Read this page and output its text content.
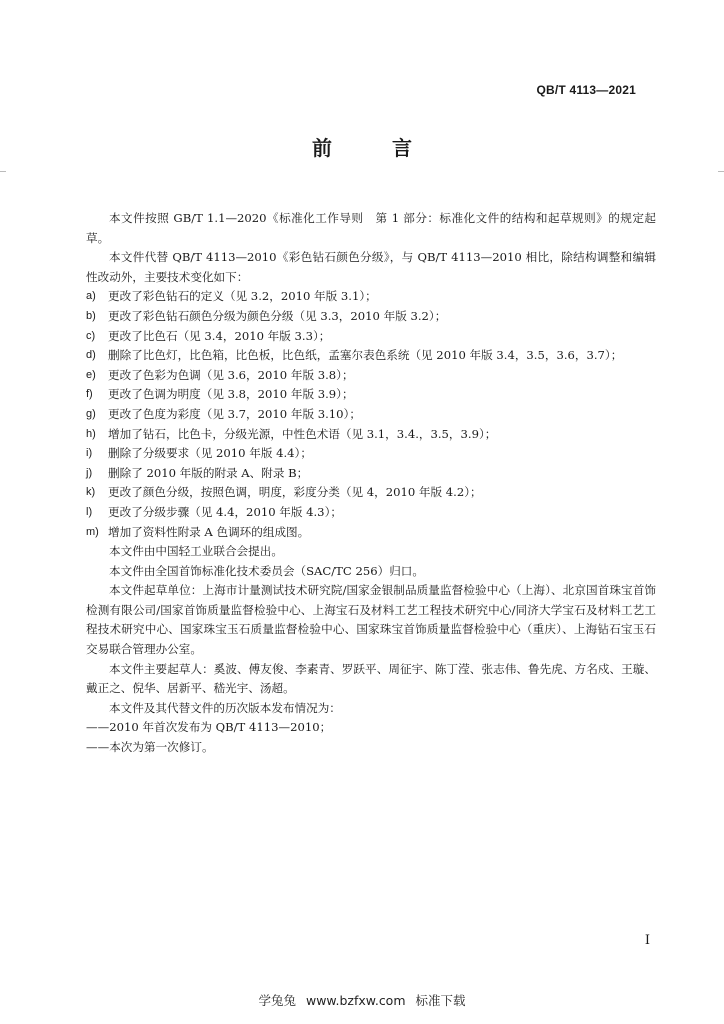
QB/T 4113—2021
前　言

本文件按照 GB/T 1.1—2020《标准化工作导则　第 1 部分：标准化文件的结构和起草规则》的规定起草。

本文件代替 QB/T 4113—2010《彩色钻石颜色分级》，与 QB/T 4113—2010 相比，除结构调整和编辑性改动外，主要技术变化如下：

a)	更改了彩色钻石的定义（见 3.2，2010 年版 3.1）；
b)	更改了彩色钻石颜色分级为颜色分级（见 3.3，2010 年版 3.2）；
c)	更改了比色石（见 3.4，2010 年版 3.3）；
d)	删除了比色灯，比色箱，比色板，比色纸，孟塞尔表色系统（见 2010 年版 3.4，3.5，3.6，3.7）；
e)	更改了色彩为色调（见 3.6，2010 年版 3.8）；
f)	更改了色调为明度（见 3.8，2010 年版 3.9）；
g)	更改了色度为彩度（见 3.7，2010 年版 3.10）；
h)	增加了钻石，比色卡，分级光源，中性色术语（见 3.1，3.4.，3.5，3.9）；
i)	删除了分级要求（见 2010 年版 4.4）；
j)	删除了 2010 年版的附录 A、附录 B；
k)	更改了颜色分级，按照色调，明度，彩度分类（见 4，2010 年版 4.2）；
l)	更改了分级步骤（见 4.4，2010 年版 4.3）；
m) 增加了资料性附录 A 色调环的组成图。

本文件由中国轻工业联合会提出。

本文件由全国首饰标准化技术委员会（SAC/TC 256）归口。

本文件起草单位：上海市计量测试技术研究院/国家金银制品质量监督检验中心（上海）、北京国首珠宝首饰检测有限公司/国家首饰质量监督检验中心、上海宝石及材料工艺工程技术研究中心/同济大学宝石及材料工艺工程技术研究中心、国家珠宝玉石质量监督检验中心、国家珠宝首饰质量监督检验中心（重庆）、上海钻石宝玉石交易联合管理办公室。

本文件主要起草人：奚波、傅友俊、李素青、罗跃平、周征宇、陈丁滢、张志伟、鲁先虎、方名戍、王璇、戴正之、倪华、居新平、嵇光宇、汤超。

本文件及其代替文件的历次版本发布情况为：

——2010 年首次发布为 QB/T 4113—2010；

——本次为第一次修订。

I
学兔兔 www.bzfxw.com 标准下载
